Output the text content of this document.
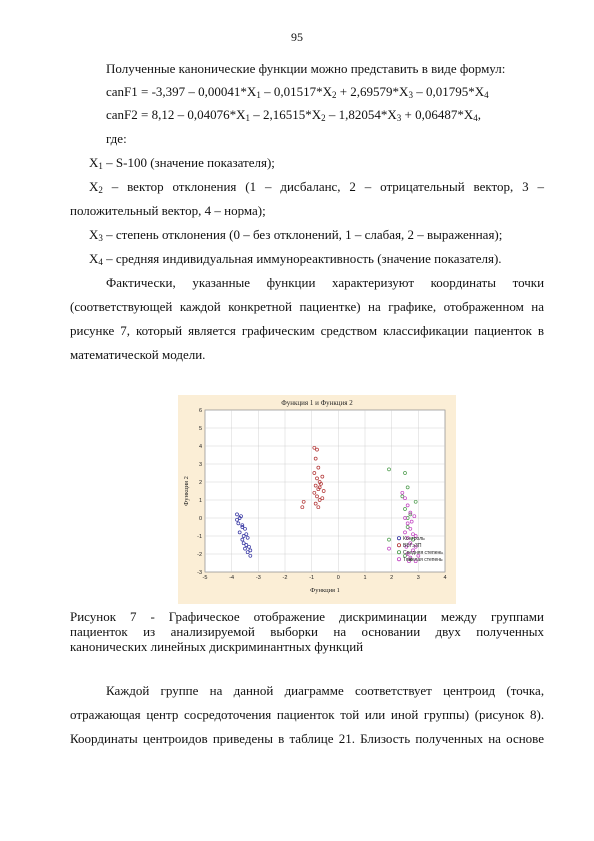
95
Полученные канонические функции можно представить в виде формул:
canF1 = $-3,397 - 0,00041*X_1 - 0,01517*X_2 + 2,69579*X_3 - 0,01795*X_4$
canF2 = $8,12 - 0,04076*X_1 - 2,16515*X_2 - 1,82054*X_3 + 0,06487*X_4$,
где:
$X_1 - S-100$ (значение показателя);
$X_2$ – вектор отклонения (1 – дисбаланс, 2 – отрицательный вектор, 3 –
положительный вектор, 4 – норма);
$X_3$ – степень отклонения (0 – без отклонений, 1 – слабая, 2 – выраженная);
$X_4$ – средняя индивидуальная иммунореактивность (значение показателя).
Фактически, указанные функции характеризуют координаты точки
(соответствующей каждой конкретной пациентке) на графике, отображенном на
рисунке 7, который является графическим средством классификации пациенток в
математической модели.
Функция 1 и Функция 2
-5	-4	-3	-2	-1	0	1	2	3	4
-3
-2
-1
0
1
2
3
4
5
6
Функция 1
Функция 2
Контроль
ВБГэЗП
Средняя степень
Тяжелая степень
Рисунок 7 - Графическое отображение дискриминации между группами
пациенток из анализируемой выборки на основании двух полученных
канонических линейных дискриминантных функций
Каждой группе на данной диаграмме соответствует центроид (точка,
отражающая центр сосредоточения пациенток той или иной группы) (рисунок 8).
Координаты центроидов приведены в таблице 21. Близость полученных на основе
